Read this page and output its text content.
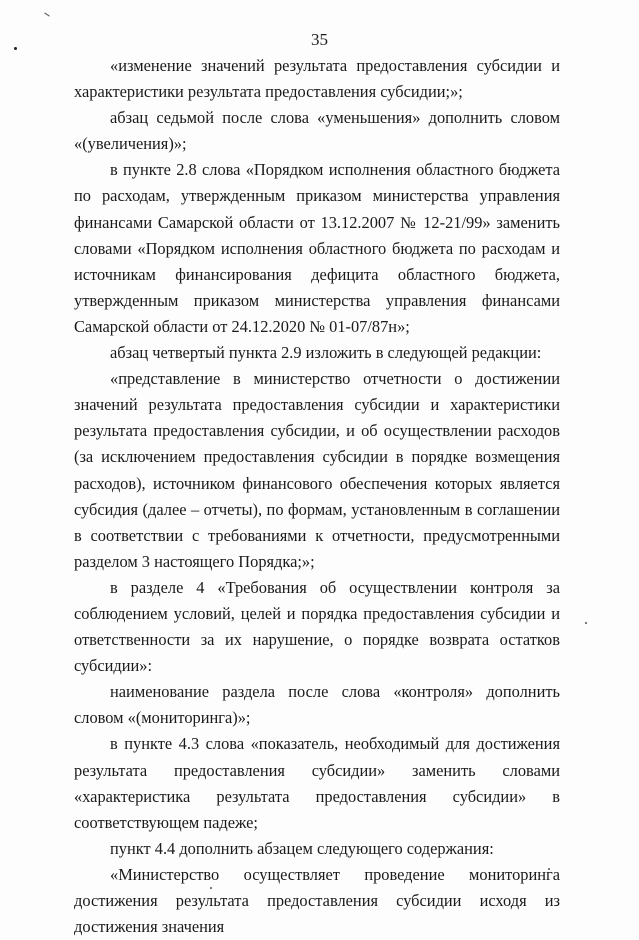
35

«изменение значений результата предоставления субсидии и характеристики результата предоставления субсидии;»;

абзац седьмой после слова «уменьшения» дополнить словом «(увеличения)»;

в пункте 2.8 слова «Порядком исполнения областного бюджета по расходам, утвержденным приказом министерства управления финансами Самарской области от 13.12.2007 № 12-21/99» заменить словами «Порядком исполнения областного бюджета по расходам и источникам финансирования дефицита областного бюджета, утвержденным приказом министерства управления финансами Самарской области от 24.12.2020 № 01-07/87н»;

абзац четвертый пункта 2.9 изложить в следующей редакции:

«представление в министерство отчетности о достижении значений результата предоставления субсидии и характеристики результата предоставления субсидии, и об осуществлении расходов (за исключением предоставления субсидии в порядке возмещения расходов), источником финансового обеспечения которых является субсидия (далее – отчеты), по формам, установленным в соглашении в соответствии с требованиями к отчетности, предусмотренными разделом 3 настоящего Порядка;»;

в разделе 4 «Требования об осуществлении контроля за соблюдением условий, целей и порядка предоставления субсидии и ответственности за их нарушение, о порядке возврата остатков субсидии»:

наименование раздела после слова «контроля» дополнить словом «(мониторинга)»;

в пункте 4.3 слова «показатель, необходимый для достижения результата предоставления субсидии» заменить словами «характеристика результата предоставления субсидии» в соответствующем падеже;

пункт 4.4 дополнить абзацем следующего содержания:

«Министерство осуществляет проведение мониторинга достижения результата предоставления субсидии исходя из достижения значения
